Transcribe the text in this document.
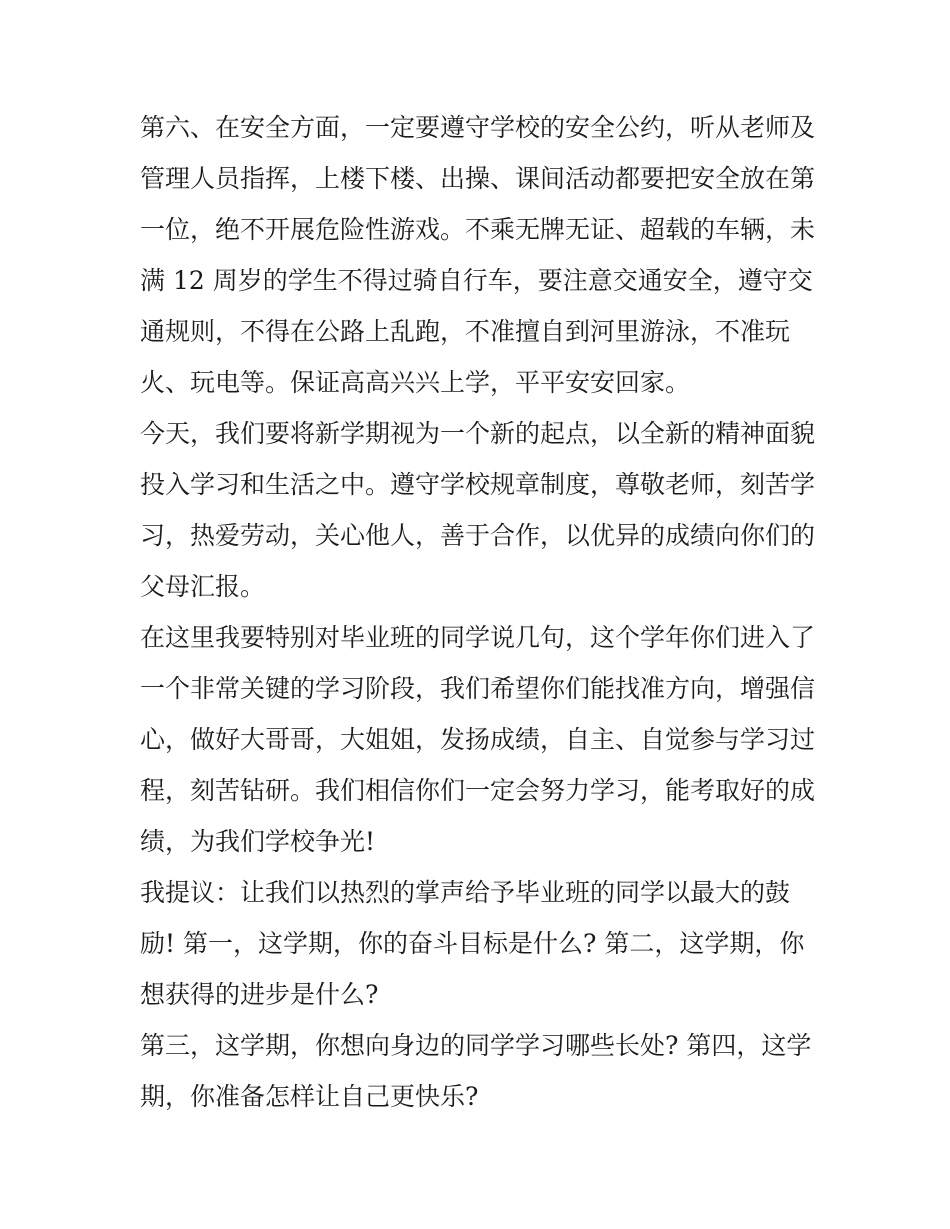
第六、在安全方面，一定要遵守学校的安全公约，听从老师及
管理人员指挥，上楼下楼、出操、课间活动都要把安全放在第
一位，绝不开展危险性游戏。不乘无牌无证、超载的车辆，未
满 12 周岁的学生不得过骑自行车，要注意交通安全，遵守交
通规则，不得在公路上乱跑，不准擅自到河里游泳，不准玩
火、玩电等。保证高高兴兴上学，平平安安回家。
今天，我们要将新学期视为一个新的起点，以全新的精神面貌
投入学习和生活之中。遵守学校规章制度，尊敬老师，刻苦学
习，热爱劳动，关心他人，善于合作，以优异的成绩向你们的
父母汇报。
在这里我要特别对毕业班的同学说几句，这个学年你们进入了
一个非常关键的学习阶段，我们希望你们能找准方向，增强信
心，做好大哥哥，大姐姐，发扬成绩，自主、自觉参与学习过
程，刻苦钻研。我们相信你们一定会努力学习，能考取好的成
绩，为我们学校争光!
我提议：让我们以热烈的掌声给予毕业班的同学以最大的鼓
励! 第一，这学期，你的奋斗目标是什么? 第二，这学期，你
想获得的进步是什么?
第三，这学期，你想向身边的同学学习哪些长处? 第四，这学
期，你准备怎样让自己更快乐?
